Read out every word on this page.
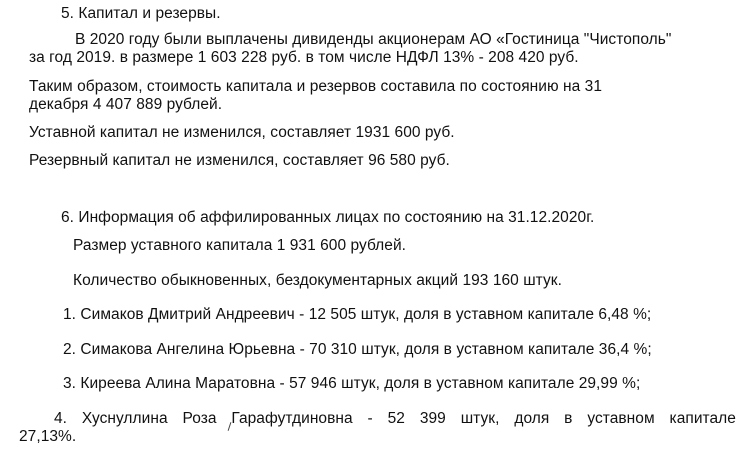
5. Капитал и резервы.
В 2020 году были выплачены дивиденды акционерам АО «Гостиница "Чистополь"
за год 2019. в размере 1 603 228 руб. в том числе НДФЛ 13% - 208 420 руб.
Таким образом, стоимость капитала и резервов составила по состоянию на 31
декабря 4 407 889 рублей.
Уставной капитал не изменился, составляет 1931 600 руб.
Резервный капитал не изменился, составляет 96 580 руб.
6. Информация об аффилированных лицах по состоянию на 31.12.2020г.
Размер уставного капитала 1 931 600 рублей.
Количество обыкновенных, бездокументарных акций 193 160 штук.
1. Симаков Дмитрий Андреевич - 12 505 штук, доля в уставном капитале 6,48 %;
2. Симакова Ангелина Юрьевна - 70 310 штук, доля в уставном капитале 36,4 %;
3. Киреева Алина Маратовна - 57 946 штук, доля в уставном капитале 29,99 %;
4. Хуснуллина Роза Гарафутдиновна - 52 399 штук, доля в уставном капитале
27,13%.
